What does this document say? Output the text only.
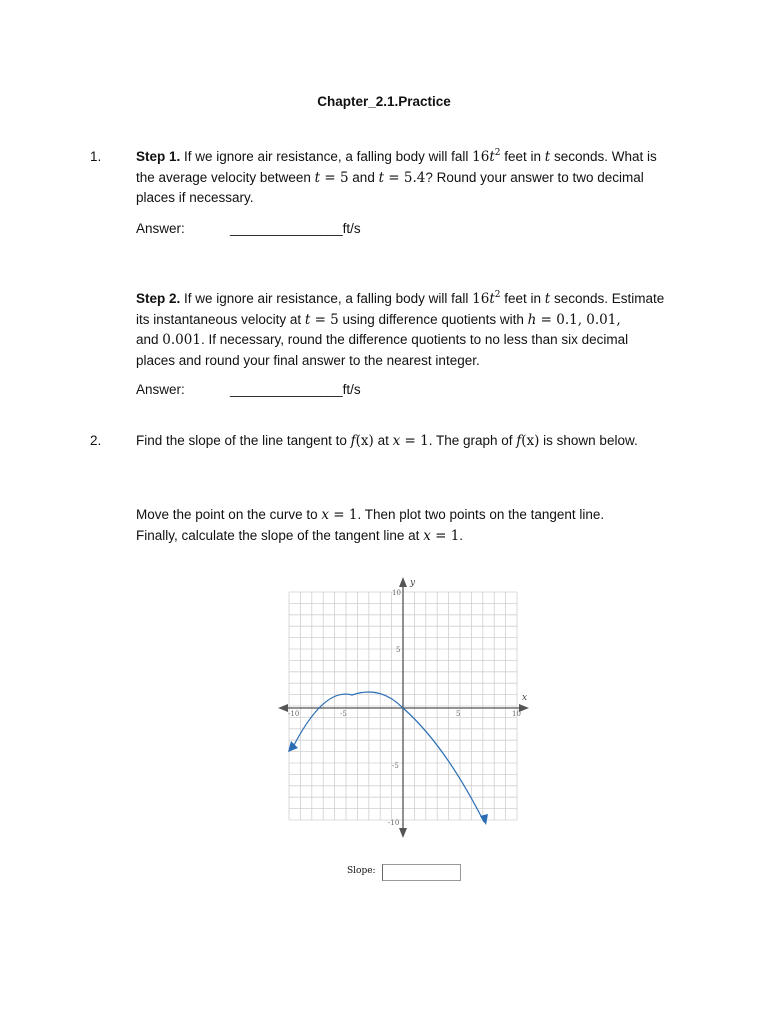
Chapter_2.1.Practice
1.	Step 1. If we ignore air resistance, a falling body will fall $16t^2$ feet in t seconds. What is
the average velocity between t = 5 and t = 5.4? Round your answer to two decimal
places if necessary.
Answer:	_______________ft/s
Step 2. If we ignore air resistance, a falling body will fall $16t^2$ feet in t seconds. Estimate
its instantaneous velocity at t = 5 using difference quotients with h = 0.1, 0.01,
and 0.001. If necessary, round the difference quotients to no less than six decimal
places and round your final answer to the nearest integer.
Answer:	_______________ft/s
2.	Find the slope of the line tangent to f(x) at x = 1. The graph of f(x) is shown below.
Move the point on the curve to x = 1. Then plot two points on the tangent line.
Finally, calculate the slope of the tangent line at x = 1.
x
y
-10	-5	5	10
10
5
-5
-10
Slope:
